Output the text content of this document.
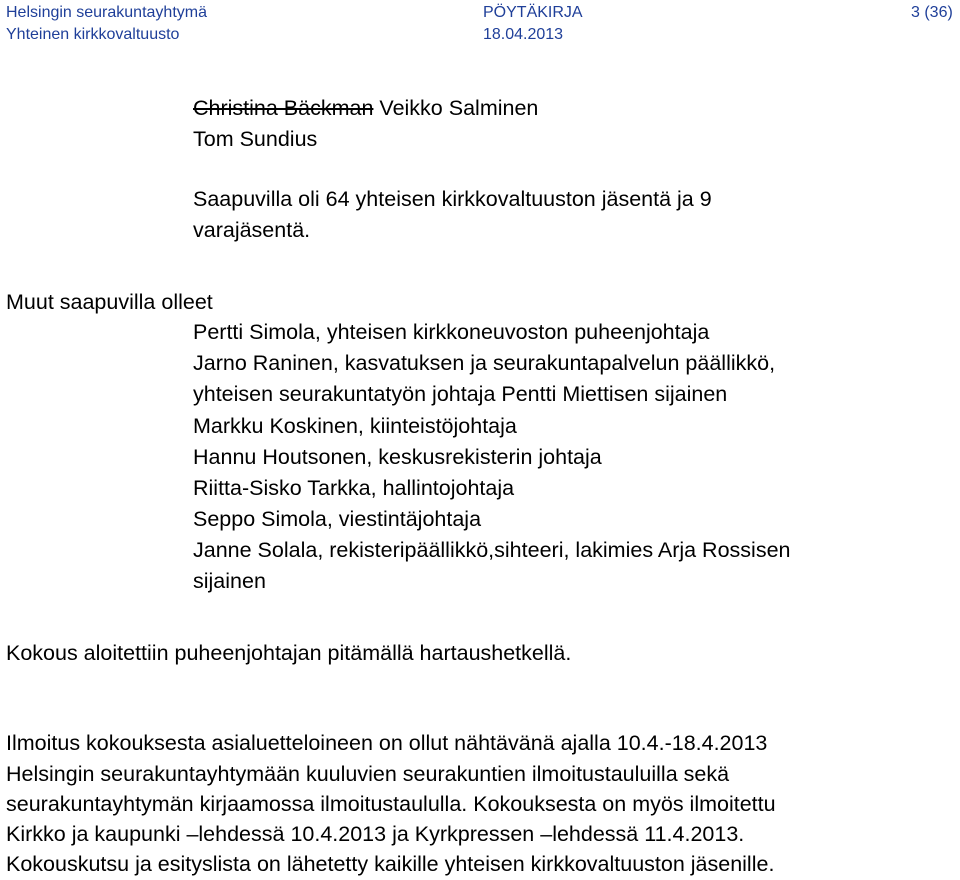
Helsingin seurakuntayhtymä	PÖYTÄKIRJA	3 (36)
Yhteinen kirkkovaltuusto	18.04.2013
Christina Bäckman Veikko Salminen
Tom Sundius
Saapuvilla oli 64 yhteisen kirkkovaltuuston jäsentä ja 9
varajäsentä.
Muut saapuvilla olleet
Pertti Simola, yhteisen kirkkoneuvoston puheenjohtaja
Jarno Raninen, kasvatuksen ja seurakuntapalvelun päällikkö,
yhteisen seurakuntatyön johtaja Pentti Miettisen sijainen
Markku Koskinen, kiinteistöjohtaja
Hannu Houtsonen, keskusrekisterin johtaja
Riitta-Sisko Tarkka, hallintojohtaja
Seppo Simola, viestintäjohtaja
Janne Solala, rekisteripäällikkö,sihteeri, lakimies Arja Rossisen
sijainen
Kokous aloitettiin puheenjohtajan pitämällä hartaushetkellä.
Ilmoitus kokouksesta asialuetteloineen on ollut nähtävänä ajalla 10.4.-18.4.2013
Helsingin seurakuntayhtymään kuuluvien seurakuntien ilmoitustauluilla sekä
seurakuntayhtymän kirjaamossa ilmoitustaululla. Kokouksesta on myös ilmoitettu
Kirkko ja kaupunki –lehdessä 10.4.2013 ja Kyrkpressen –lehdessä 11.4.2013.
Kokouskutsu ja esityslista on lähetetty kaikille yhteisen kirkkovaltuuston jäsenille.
